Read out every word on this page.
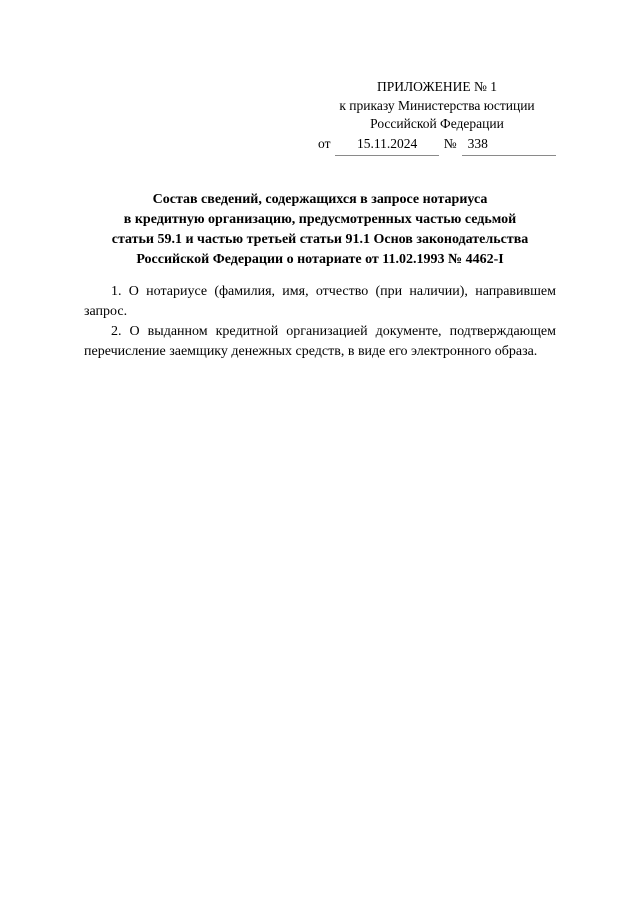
ПРИЛОЖЕНИЕ № 1
к приказу Министерства юстиции
Российской Федерации
от	15.11.2024	№ 338
Состав сведений, содержащихся в запросе нотариуса
в кредитную организацию, предусмотренных частью седьмой
статьи 59.1 и частью третьей статьи 91.1 Основ законодательства
Российской Федерации о нотариате от 11.02.1993 № 4462-I

1. О нотариусе (фамилия, имя, отчество (при наличии), направившем запрос.

2. О выданном кредитной организацией документе, подтверждающем перечисление заемщику денежных средств, в виде его электронного образа.
